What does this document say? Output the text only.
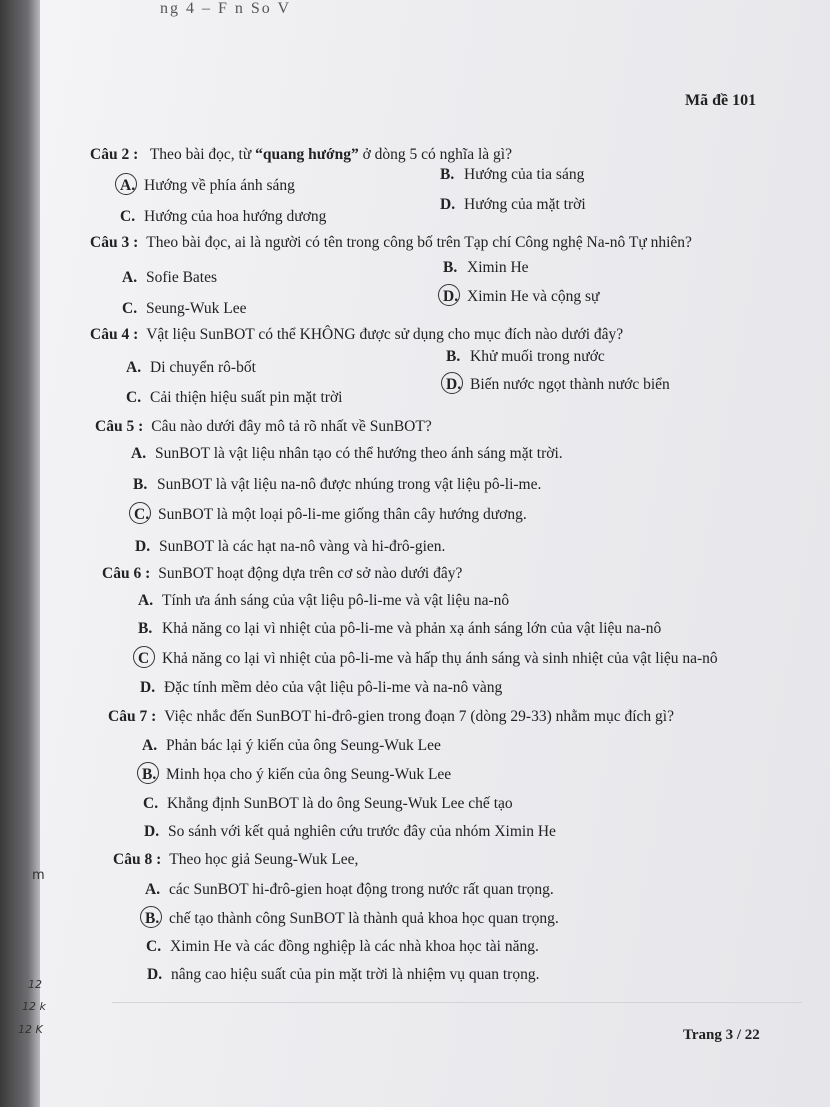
ng 4 – F n So V
Mã đề 101
Câu 2 : Theo bài đọc, từ “quang hướng” ở dòng 5 có nghĩa là gì?
A. Hướng về phía ánh sáng
B. Hướng của tia sáng
C. Hướng của hoa hướng dương
D. Hướng của mặt trời
Câu 3 : Theo bài đọc, ai là người có tên trong công bố trên Tạp chí Công nghệ Na-nô Tự nhiên?
A. Sofie Bates
B. Ximin He
C. Seung-Wuk Lee
D. Ximin He và cộng sự
Câu 4 : Vật liệu SunBOT có thể KHÔNG được sử dụng cho mục đích nào dưới đây?
A. Di chuyển rô-bốt
B. Khử muối trong nước
C. Cải thiện hiệu suất pin mặt trời
D. Biến nước ngọt thành nước biển
Câu 5 : Câu nào dưới đây mô tả rõ nhất về SunBOT?
A. SunBOT là vật liệu nhân tạo có thể hướng theo ánh sáng mặt trời.
B. SunBOT là vật liệu na-nô được nhúng trong vật liệu pô-li-me.
C. SunBOT là một loại pô-li-me giống thân cây hướng dương.
D. SunBOT là các hạt na-nô vàng và hi-đrô-gien.
Câu 6 : SunBOT hoạt động dựa trên cơ sở nào dưới đây?
A. Tính ưa ánh sáng của vật liệu pô-li-me và vật liệu na-nô
B. Khả năng co lại vì nhiệt của pô-li-me và phản xạ ánh sáng lớn của vật liệu na-nô
C Khả năng co lại vì nhiệt của pô-li-me và hấp thụ ánh sáng và sinh nhiệt của vật liệu na-nô
D. Đặc tính mềm dẻo của vật liệu pô-li-me và na-nô vàng
Câu 7 : Việc nhắc đến SunBOT hi-đrô-gien trong đoạn 7 (dòng 29-33) nhằm mục đích gì?
A. Phản bác lại ý kiến của ông Seung-Wuk Lee
B. Minh họa cho ý kiến của ông Seung-Wuk Lee
C. Khẳng định SunBOT là do ông Seung-Wuk Lee chế tạo
D. So sánh với kết quả nghiên cứu trước đây của nhóm Ximin He
Câu 8 : Theo học giả Seung-Wuk Lee,
A. các SunBOT hi-đrô-gien hoạt động trong nước rất quan trọng.
B. chế tạo thành công SunBOT là thành quả khoa học quan trọng.
C. Ximin He và các đồng nghiệp là các nhà khoa học tài năng.
D. nâng cao hiệu suất của pin mặt trời là nhiệm vụ quan trọng.
Trang 3 / 22
m
12
12 k
12 K
